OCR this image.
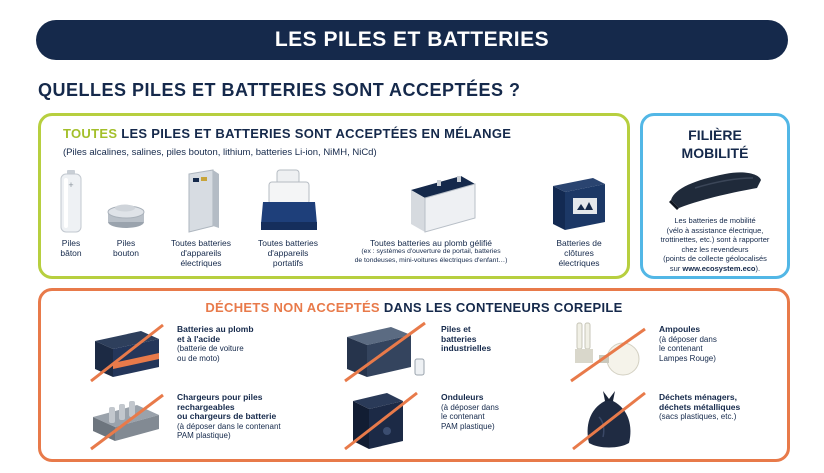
LES PILES ET BATTERIES
QUELLES PILES ET BATTERIES SONT ACCEPTÉES ?
TOUTES LES PILES ET BATTERIES SONT ACCEPTÉES EN MÉLANGE
(Piles alcalines, salines, piles bouton, lithium, batteries Li-ion, NiMH, NiCd)
+
Piles
bâton
Piles
bouton
Toutes batteries
d'appareils
électriques
Toutes batteries
d'appareils
portatifs
Toutes batteries au plomb gélifié
(ex : systèmes d'ouverture de portail, batteries
de tondeuses, mini-voitures électriques d'enfant…)
Batteries de
clôtures
électriques
FILIÈRE
MOBILITÉ
Les batteries de mobilité
(vélo à assistance électrique,
trottinettes, etc.) sont à rapporter
chez les revendeurs
(points de collecte géolocalisés
sur www.ecosystem.eco).
DÉCHETS NON ACCEPTÉS DANS LES CONTENEURS COREPILE
Batteries au plomb
et à l'acide
(batterie de voiture
ou de moto)
Piles et
batteries
industrielles
Ampoules
(à déposer dans
le contenant
Lampes Rouge)
Chargeurs pour piles
rechargeables
ou chargeurs de batterie
(à déposer dans le contenant
PAM plastique)
Onduleurs
(à déposer dans
le contenant
PAM plastique)
Déchets ménagers,
déchets métalliques
(sacs plastiques, etc.)
